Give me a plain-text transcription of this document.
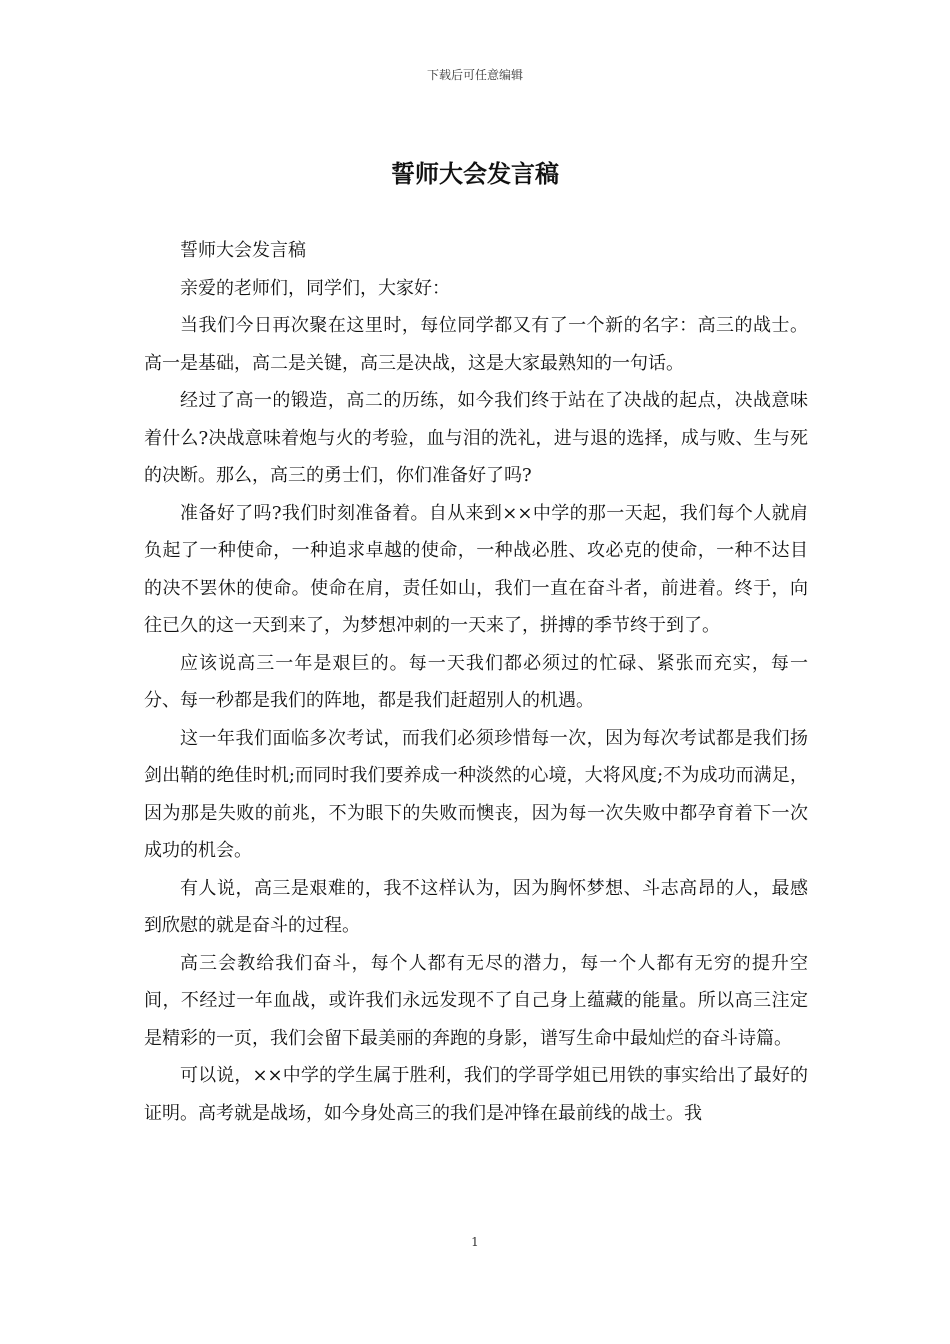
下载后可任意编辑
誓师大会发言稿

誓师大会发言稿

亲爱的老师们，同学们，大家好：

当我们今日再次聚在这里时，每位同学都又有了一个新的名字：高三的战士。高一是基础，高二是关键，高三是决战，这是大家最熟知的一句话。

经过了高一的锻造，高二的历练，如今我们终于站在了决战的起点，决战意味着什么?决战意味着炮与火的考验，血与泪的洗礼，进与退的选择，成与败、生与死的决断。那么，高三的勇士们，你们准备好了吗?

准备好了吗?我们时刻准备着。自从来到××中学的那一天起，我们每个人就肩负起了一种使命，一种追求卓越的使命，一种战必胜、攻必克的使命，一种不达目的决不罢休的使命。使命在肩，责任如山，我们一直在奋斗者，前进着。终于，向往已久的这一天到来了，为梦想冲刺的一天来了，拼搏的季节终于到了。

应该说高三一年是艰巨的。每一天我们都必须过的忙碌、紧张而充实，每一分、每一秒都是我们的阵地，都是我们赶超别人的机遇。

这一年我们面临多次考试，而我们必须珍惜每一次，因为每次考试都是我们扬剑出鞘的绝佳时机;而同时我们要养成一种淡然的心境，大将风度;不为成功而满足，因为那是失败的前兆，不为眼下的失败而懊丧，因为每一次失败中都孕育着下一次成功的机会。

有人说，高三是艰难的，我不这样认为，因为胸怀梦想、斗志高昂的人，最感到欣慰的就是奋斗的过程。

高三会教给我们奋斗，每个人都有无尽的潜力，每一个人都有无穷的提升空间，不经过一年血战，或许我们永远发现不了自己身上蕴藏的能量。所以高三注定是精彩的一页，我们会留下最美丽的奔跑的身影，谱写生命中最灿烂的奋斗诗篇。

可以说，××中学的学生属于胜利，我们的学哥学姐已用铁的事实给出了最好的证明。高考就是战场，如今身处高三的我们是冲锋在最前线的战士。我

1
